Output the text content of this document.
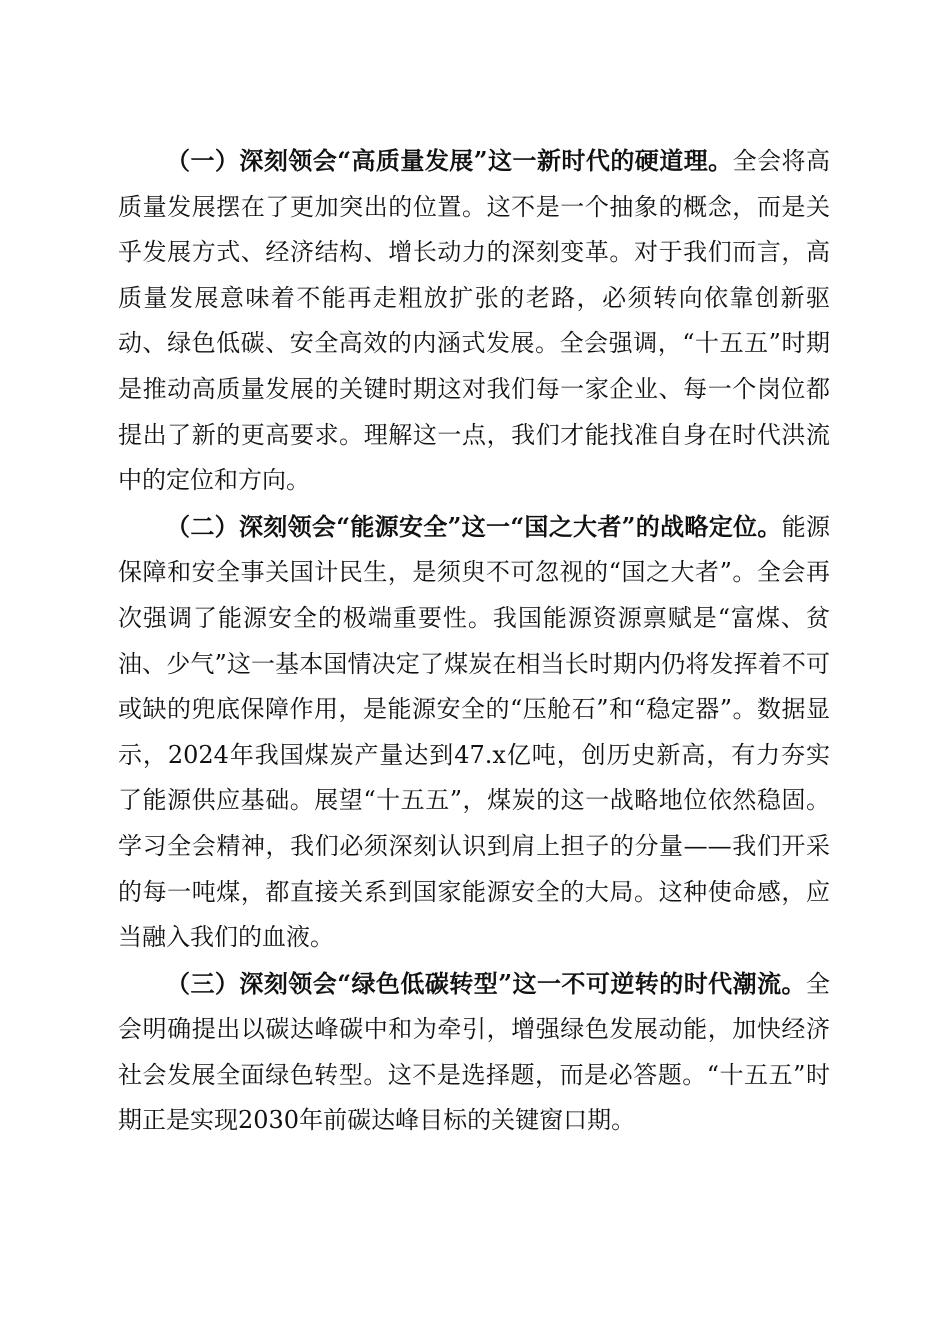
（一）深刻领会“高质量发展”这一新时代的硬道理。全会将高质量发展摆在了更加突出的位置。这不是一个抽象的概念，而是关乎发展方式、经济结构、增长动力的深刻变革。对于我们而言，高质量发展意味着不能再走粗放扩张的老路，必须转向依靠创新驱动、绿色低碳、安全高效的内涵式发展。全会强调，“十五五”时期是推动高质量发展的关键时期这对我们每一家企业、每一个岗位都提出了新的更高要求。理解这一点，我们才能找准自身在时代洪流中的定位和方向。

（二）深刻领会“能源安全”这一“国之大者”的战略定位。能源保障和安全事关国计民生，是须臾不可忽视的“国之大者”。全会再次强调了能源安全的极端重要性。我国能源资源禀赋是“富煤、贫油、少气”这一基本国情决定了煤炭在相当长时期内仍将发挥着不可或缺的兜底保障作用，是能源安全的“压舱石”和“稳定器”。数据显示，2024年我国煤炭产量达到47.x亿吨，创历史新高，有力夯实了能源供应基础。展望“十五五”，煤炭的这一战略地位依然稳固。学习全会精神，我们必须深刻认识到肩上担子的分量——我们开采的每一吨煤，都直接关系到国家能源安全的大局。这种使命感，应当融入我们的血液。

（三）深刻领会“绿色低碳转型”这一不可逆转的时代潮流。全会明确提出以碳达峰碳中和为牵引，增强绿色发展动能，加快经济社会发展全面绿色转型。这不是选择题，而是必答题。“十五五”时期正是实现2030年前碳达峰目标的关键窗口期。
